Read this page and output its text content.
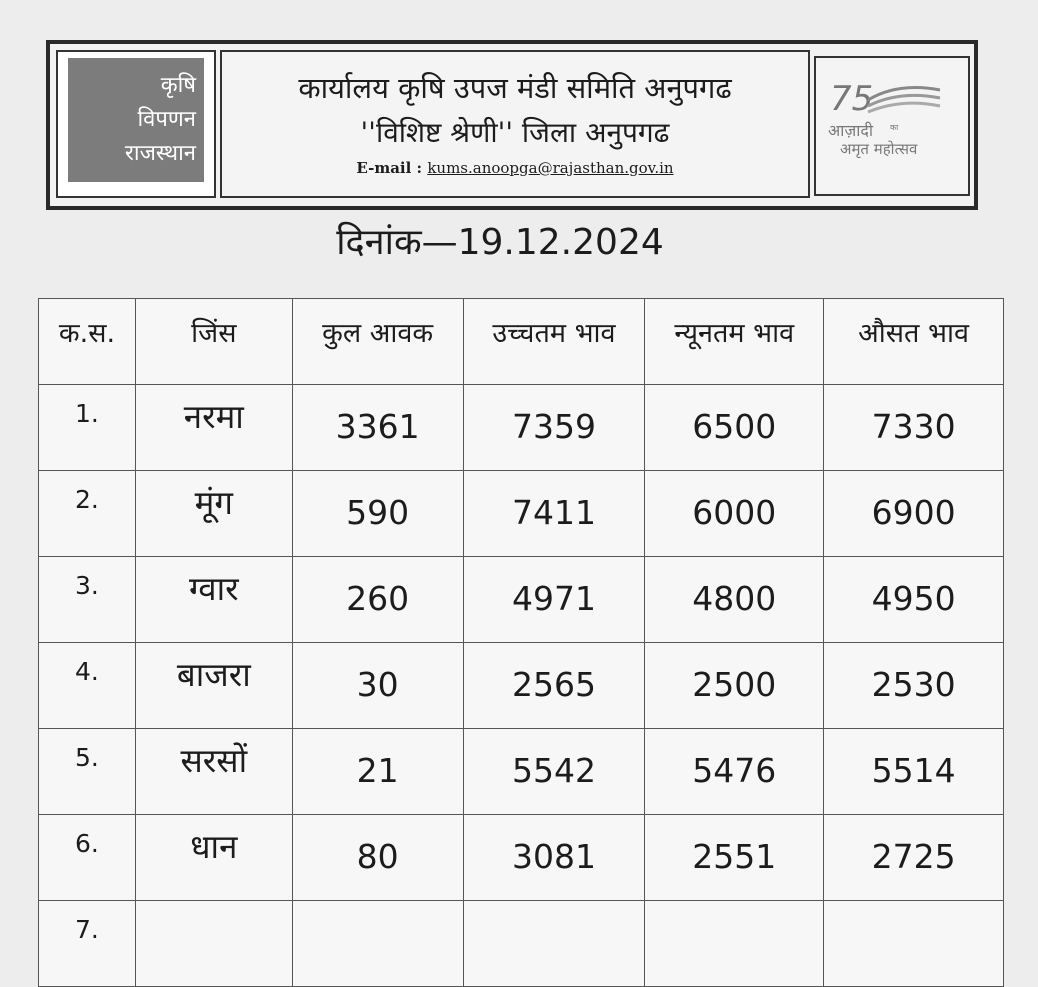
कृषि
विपणन
राजस्थान
कार्यालय कृषि उपज मंडी समिति अनुपगढ
''विशिष्ट श्रेणी'' जिला अनुपगढ
E-mail : kums.anoopga@rajasthan.gov.in
75
आज़ादी का
अमृत महोत्सव
दिनांक—19.12.2024
क.स.	जिंस	कुल आवक	उच्चतम भाव	न्यूनतम भाव	औसत भाव
1.	नरमा	3361	7359	6500	7330
2.	मूंग	590	7411	6000	6900
3.	ग्वार	260	4971	4800	4950
4.	बाजरा	30	2565	2500	2530
5.	सरसों	21	5542	5476	5514
6.	धान	80	3081	2551	2725
7.					
